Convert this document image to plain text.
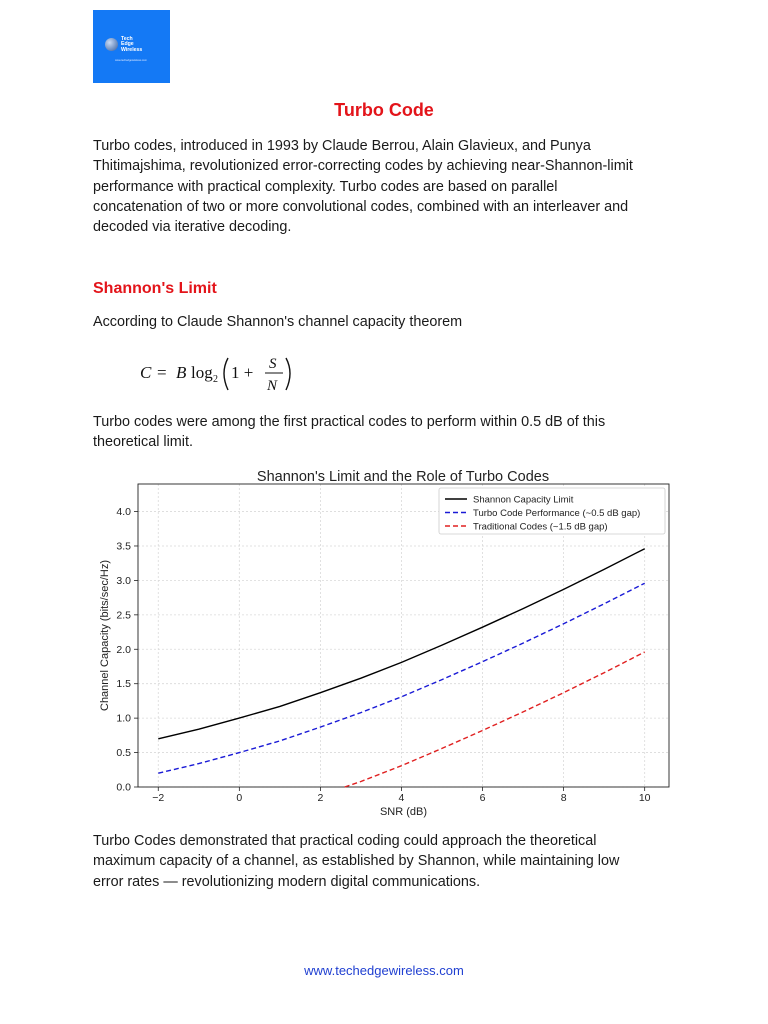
Tech
Edge
Wireless
www.techedgewireless.com
Turbo Code
Turbo codes, introduced in 1993 by Claude Berrou, Alain Glavieux, and Punya
Thitimajshima, revolutionized error-correcting codes by achieving near-Shannon-limit
performance with practical complexity. Turbo codes are based on parallel
concatenation of two or more convolutional codes, combined with an interleaver and
decoded via iterative decoding.
Shannon's Limit
According to Claude Shannon's channel capacity theorem
C = B log 2 1 + S
N
Turbo codes were among the first practical codes to perform within 0.5 dB of this
theoretical limit.
−2	0	2	4	6	8	10
0.0
0.5
1.0
1.5
2.0
2.5
3.0
3.5
4.0
Shannon's Limit and the Role of Turbo Codes
SNR (dB)
Channel Capacity (bits/sec/Hz)
Shannon Capacity Limit
Turbo Code Performance (~0.5 dB gap)
Traditional Codes (~1.5 dB gap)
Turbo Codes demonstrated that practical coding could approach the theoretical
maximum capacity of a channel, as established by Shannon, while maintaining low
error rates — revolutionizing modern digital communications.
www.techedgewireless.com
